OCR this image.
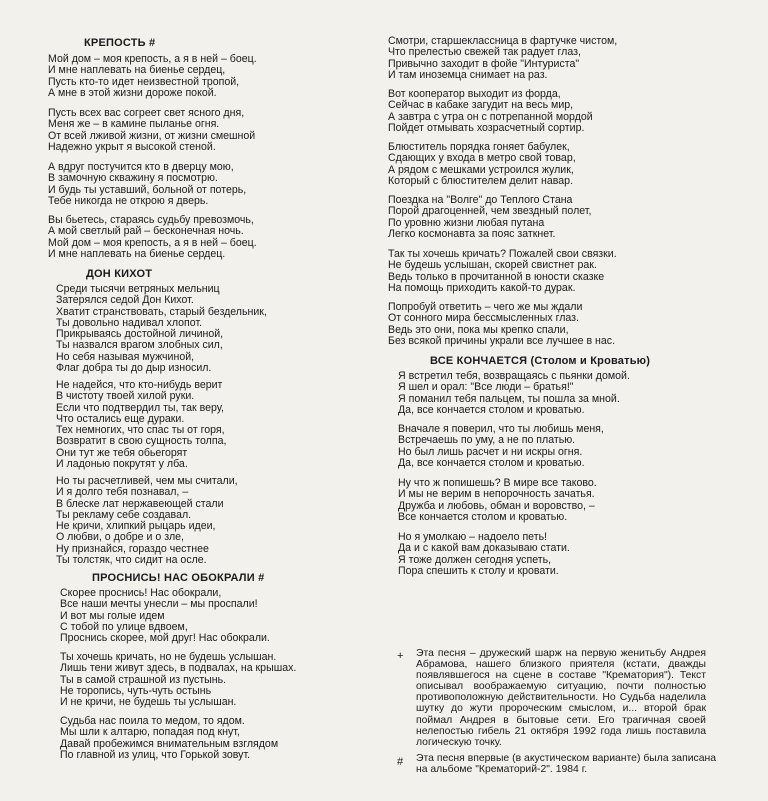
КРЕПОСТЬ #
Мой дом – моя крепость, а я в ней – боец.
И мне наплевать на биенье сердец,
Пусть кто-то идет неизвестной тропой,
А мне в этой жизни дороже покой.
Пусть всех вас согреет свет ясного дня,
Меня же – в камине пыланье огня.
От всей лживой жизни, от жизни смешной
Надежно укрыт я высокой стеной.
А вдруг постучится кто в дверцу мою,
В замочную скважину я посмотрю.
И будь ты уставший, больной от потерь,
Тебе никогда не открою я дверь.
Вы бьетесь, стараясь судьбу превозмочь,
А мой светлый рай – бесконечная ночь.
Мой дом – моя крепость, а я в ней – боец.
И мне наплевать на биенье сердец.
ДОН КИХОТ
Среди тысячи ветряных мельниц
Затерялся седой Дон Кихот.
Хватит странствовать, старый бездельник,
Ты довольно надивал хлопот.
Прикрываясь достойной личиной,
Ты назвался врагом злобных сил,
Но себя называя мужчиной,
Флаг добра ты до дыр износил.
Не надейся, что кто-нибудь верит
В чистоту твоей хилой руки.
Если что подтвердил ты, так веру,
Что остались еще дураки.
Тех немногих, что спас ты от горя,
Возвратит в свою сущность толпа,
Они тут же тебя обьегорят
И ладонью покрутят у лба.
Но ты расчетливей, чем мы считали,
И я долго тебя познавал, –
В блеске лат нержавеющей стали
Ты рекламу себе создавал.
Не кричи, хлипкий рыцарь идеи,
О любви, о добре и о зле,
Ну признайся, гораздо честнее
Ты толстяк, что сидит на осле.
ПРОСНИСЬ! НАС ОБОКРАЛИ #
Скорее проснись! Нас обокрали,
Все наши мечты унесли – мы проспали!
И вот мы голые идем
С тобой по улице вдвоем,
Проснись скорее, мой друг! Нас обокрали.
Ты хочешь кричать, но не будешь услышан.
Лишь тени живут здесь, в подвалах, на крышах.
Ты в самой страшной из пустынь.
Не торопись, чуть-чуть остынь
И не кричи, не будешь ты услышан.
Судьба нас поила то медом, то ядом.
Мы шли к алтарю, попадая под кнут,
Давай пробежимся внимательным взглядом
По главной из улиц, что Горькой зовут.
Смотри, старшеклассница в фартучке чистом,
Что прелестью свежей так радует глаз,
Привычно заходит в фойе "Интуриста"
И там иноземца снимает на раз.
Вот кооператор выходит из форда,
Сейчас в кабаке загудит на весь мир,
А завтра с утра он с потрепанной мордой
Пойдет отмывать хозрасчетный сортир.
Блюститель порядка гоняет бабулек,
Сдающих у входа в метро свой товар,
А рядом с мешками устроился жулик,
Который с блюстителем делит навар.
Поездка на "Волге" до Теплого Стана
Порой драгоценней, чем звездный полет,
По уровню жизни любая путана
Легко космонавта за пояс заткнет.
Так ты хочешь кричать? Пожалей свои связки.
Не будешь услышан, скорей свистнет рак.
Ведь только в прочитанной в юности сказке
На помощь приходить какой-то дурак.
Попробуй ответить – чего же мы ждали
От сонного мира бессмысленных глаз.
Ведь это они, пока мы крепко спали,
Без всякой причины украли все лучшее в нас.
ВСЕ КОНЧАЕТСЯ (Столом и Кроватью)
Я встретил тебя, возвращаясь с пьянки домой.
Я шел и орал: "Все люди – братья!"
Я поманил тебя пальцем, ты пошла за мной.
Да, все кончается столом и кроватью.
Вначале я поверил, что ты любишь меня,
Встречаешь по уму, а не по платью.
Но был лишь расчет и ни искры огня.
Да, все кончается столом и кроватью.
Ну что ж попишешь? В мире все таково.
И мы не верим в непорочность зачатья.
Дружба и любовь, обман и воровство, –
Все кончается столом и кроватью.
Но я умолкаю – надоело петь!
Да и с какой вам доказываю стати.
Я тоже должен сегодня успеть,
Пора спешить к столу и кровати.
+ Эта песня – дружеский шарж на первую женитьбу Андрея Абрамова, нашего близкого приятеля (кстати, дважды появлявшегося на сцене в составе "Крематория"). Текст описывал воображаемую ситуацию, почти полностью противоположную действительности. Но Судьба наделила шутку до жути пророческим смыслом, и... второй брак поймал Андрея в бытовые сети. Его трагичная своей нелепостью гибель 21 октября 1992 года лишь поставила логическую точку.
# Эта песня впервые (в акустическом варианте) была записана на альбоме "Крематорий-2". 1984 г.
